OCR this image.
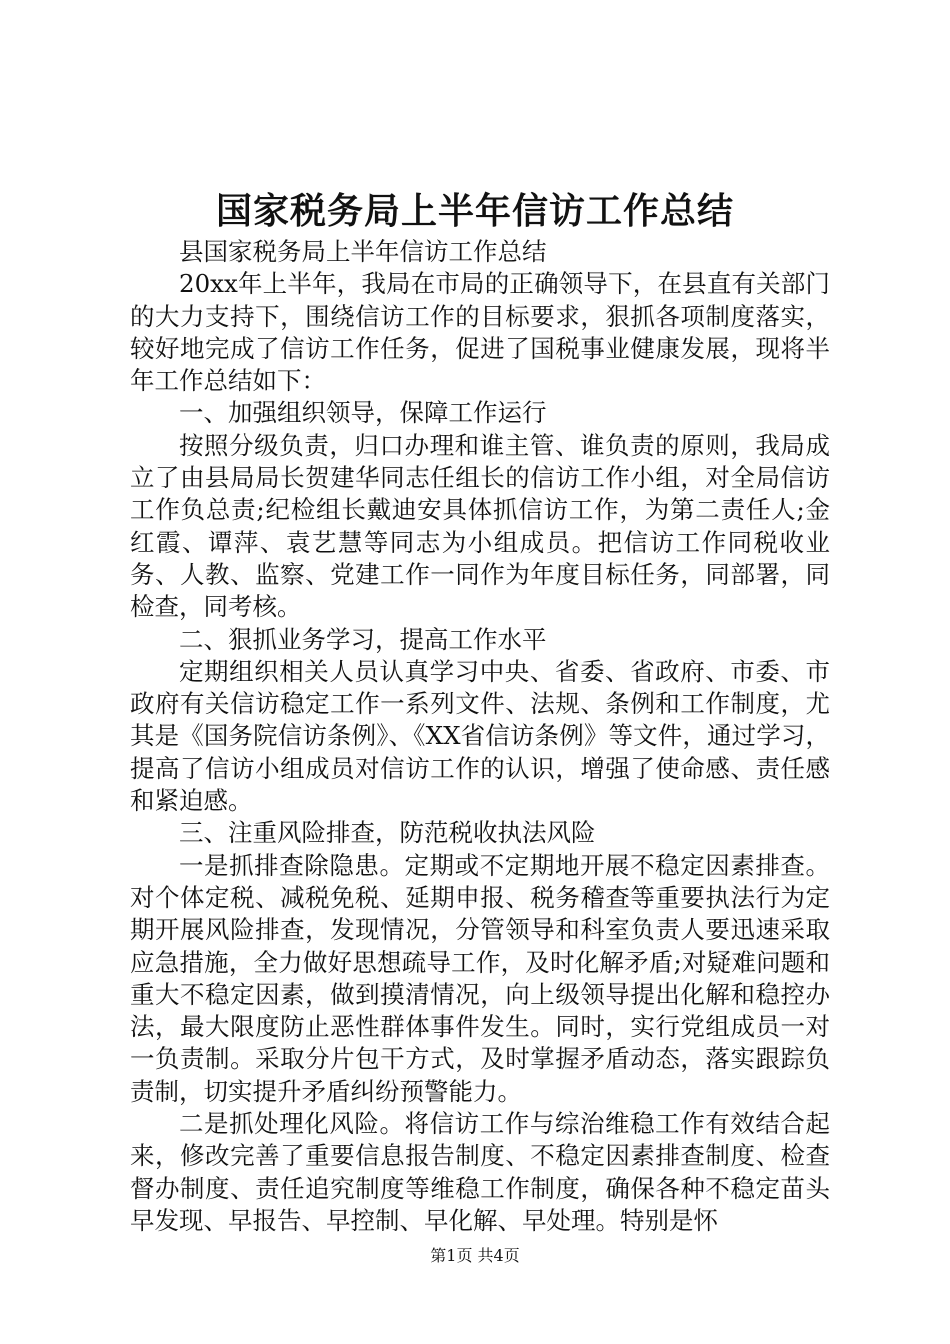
国家税务局上半年信访工作总结

县国家税务局上半年信访工作总结

20xx年上半年，我局在市局的正确领导下，在县直有关部门的大力支持下，围绕信访工作的目标要求，狠抓各项制度落实，较好地完成了信访工作任务，促进了国税事业健康发展，现将半年工作总结如下：

一、加强组织领导，保障工作运行

按照分级负责，归口办理和谁主管、谁负责的原则，我局成立了由县局局长贺建华同志任组长的信访工作小组，对全局信访工作负总责;纪检组长戴迪安具体抓信访工作，为第二责任人;金红霞、谭萍、袁艺慧等同志为小组成员。把信访工作同税收业务、人教、监察、党建工作一同作为年度目标任务，同部署，同检查，同考核。

二、狠抓业务学习，提高工作水平

定期组织相关人员认真学习中央、省委、省政府、市委、市政府有关信访稳定工作一系列文件、法规、条例和工作制度，尤其是《国务院信访条例》、《XX省信访条例》等文件，通过学习，提高了信访小组成员对信访工作的认识，增强了使命感、责任感和紧迫感。

三、注重风险排查，防范税收执法风险

一是抓排查除隐患。定期或不定期地开展不稳定因素排查。对个体定税、减税免税、延期申报、税务稽查等重要执法行为定期开展风险排查，发现情况，分管领导和科室负责人要迅速采取应急措施，全力做好思想疏导工作，及时化解矛盾;对疑难问题和重大不稳定因素，做到摸清情况，向上级领导提出化解和稳控办法，最大限度防止恶性群体事件发生。同时，实行党组成员一对一负责制。采取分片包干方式，及时掌握矛盾动态，落实跟踪负责制，切实提升矛盾纠纷预警能力。

二是抓处理化风险。将信访工作与综治维稳工作有效结合起来，修改完善了重要信息报告制度、不稳定因素排查制度、检查督办制度、责任追究制度等维稳工作制度，确保各种不稳定苗头早发现、早报告、早控制、早化解、早处理。特别是怀

第1页 共4页
